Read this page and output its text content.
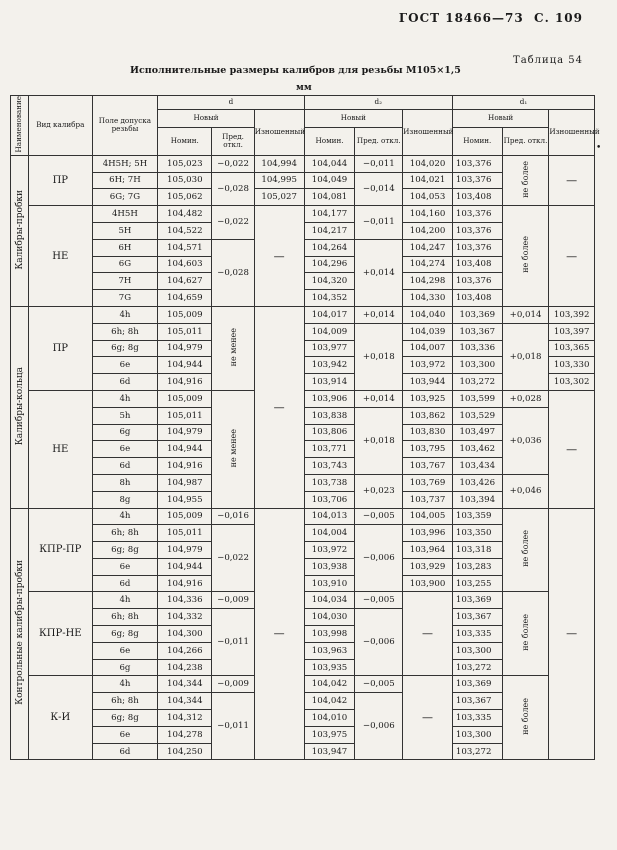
ГОСТ 18466—73 С. 109
Таблица 54
Исполнительные размеры калибров для резьбы М105×1,5
мм
•
Наименование	Вид калибра	Поле допуска резьбы	d			d₂			d₁		
			Новый		Изношенный	Новый		Изношенный	Новый		Изношенный
			Номин.	Пред. откл.		Номин.	Пред. откл.		Номин.	Пред. откл.	
Калибры-пробки	ПР	4H5H; 5H	105,023	−0,022	104,994	104,044	−0,011	104,020	103,376	не более	—
		6H; 7H	105,030	−0,028	104,995	104,049	−0,014	104,021	103,376		
		6G; 7G	105,062		105,027	104,081		104,053	103,408		
	НЕ	4H5H	104,482	−0,022	—	104,177	−0,011	104,160	103,376	не более	—
		5H	104,522			104,217		104,200	103,376		
		6H	104,571	−0,028		104,264	+0,014	104,247	103,376		
		6G	104,603			104,296		104,274	103,408		
		7H	104,627			104,320		104,298	103,376		
		7G	104,659			104,352		104,330	103,408		
Калибры-кольца	ПР	4h	105,009	не менее	—	104,017	+0,014	104,040	103,369	+0,014	103,392
		6h; 8h	105,011			104,009	+0,018	104,039	103,367	+0,018	103,397
		6g; 8g	104,979			103,977		104,007	103,336		103,365
		6e	104,944			103,942		103,972	103,300		103,330
		6d	104,916			103,914		103,944	103,272		103,302
	НЕ	4h	105,009	не менее		103,906	+0,014	103,925	103,599	+0,028	—
		5h	105,011			103,838	+0,018	103,862	103,529	+0,036	
		6g	104,979			103,806		103,830	103,497		
		6e	104,944			103,771		103,795	103,462		
		6d	104,916			103,743		103,767	103,434		
		8h	104,987			103,738	+0,023	103,769	103,426	+0,046	
		8g	104,955			103,706		103,737	103,394		
Контрольные калибры-пробки	КПР-ПР	4h	105,009	−0,016	—	104,013	−0,005	104,005	103,359	не более	—
		6h; 8h	105,011	−0,022		104,004	−0,006	103,996	103,350		
		6g; 8g	104,979			103,972		103,964	103,318		
		6e	104,944			103,938		103,929	103,283		
		6d	104,916			103,910		103,900	103,255		
	КПР-НЕ	4h	104,336	−0,009		104,034	−0,005	—	103,369	не более	
		6h; 8h	104,332	−0,011		104,030	−0,006		103,367		
		6g; 8g	104,300			103,998			103,335		
		6e	104,266			103,963			103,300		
		6g	104,238			103,935			103,272		
	К-И	4h	104,344	−0,009		104,042	−0,005	—	103,369	не более	
		6h; 8h	104,344	−0,011		104,042	−0,006		103,367		
		6g; 8g	104,312			104,010			103,335		
		6e	104,278			103,975			103,300		
		6d	104,250			103,947			103,272		
